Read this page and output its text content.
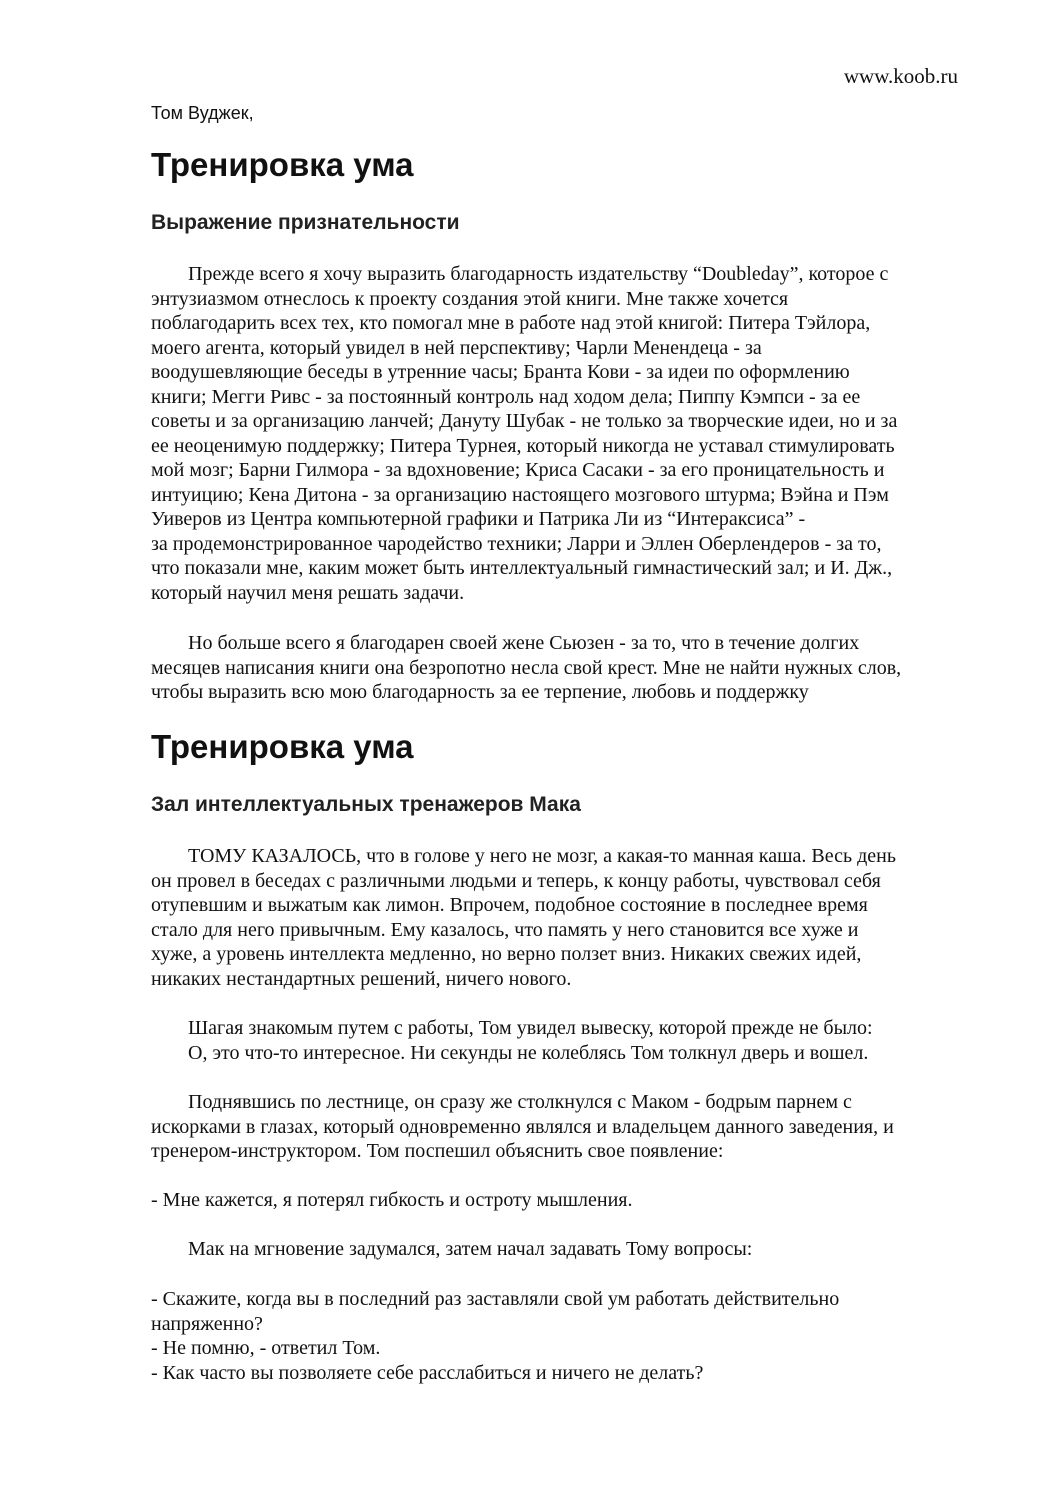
www.koob.ru
Том Вуджек,
Тренировка ума
Выражение признательности
Прежде всего я хочу выразить благодарность издательству “Doubleday”, которое с
энтузиазмом отнеслось к проекту создания этой книги. Мне также хочется
поблагодарить всех тех, кто помогал мне в работе над этой книгой: Питера Тэйлора,
моего агента, который увидел в ней перспективу; Чарли Менендеца - за
воодушевляющие беседы в утренние часы; Бранта Кови - за идеи по оформлению
книги; Мегги Ривс - за постоянный контроль над ходом дела; Пиппу Кэмпси - за ее
советы и за организацию ланчей; Дануту Шубак - не только за творческие идеи, но и за
ее неоценимую поддержку; Питера Турнея, который никогда не уставал стимулировать
мой мозг; Барни Гилмора - за вдохновение; Криса Сасаки - за его проницательность и
интуицию; Кена Дитона - за организацию настоящего мозгового штурма; Вэйна и Пэм
Уиверов из Центра компьютерной графики и Патрика Ли из “Интераксиса” -
за продемонстрированное чародейство техники; Ларри и Эллен Оберлендеров - за то,
что показали мне, каким может быть интеллектуальный гимнастический зал; и И. Дж.,
который научил меня решать задачи.
Но больше всего я благодарен своей жене Сьюзен - за то, что в течение долгих
месяцев написания книги она безропотно несла свой крест. Мне не найти нужных слов,
чтобы выразить всю мою благодарность за ее терпение, любовь и поддержку
Тренировка ума
Зал интеллектуальных тренажеров Мака
ТОМУ КАЗАЛОСЬ, что в голове у него не мозг, а какая-то манная каша. Весь день
он провел в беседах с различными людьми и теперь, к концу работы, чувствовал себя
отупевшим и выжатым как лимон. Впрочем, подобное состояние в последнее время
стало для него привычным. Ему казалось, что память у него становится все хуже и
хуже, а уровень интеллекта медленно, но верно ползет вниз. Никаких свежих идей,
никаких нестандартных решений, ничего нового.
Шагая знакомым путем с работы, Том увидел вывеску, которой прежде не было:
О, это что-то интересное. Ни секунды не колеблясь Том толкнул дверь и вошел.
Поднявшись по лестнице, он сразу же столкнулся с Маком - бодрым парнем с
искорками в глазах, который одновременно являлся и владельцем данного заведения, и
тренером-инструктором. Том поспешил объяснить свое появление:
- Мне кажется, я потерял гибкость и остроту мышления.
Мак на мгновение задумался, затем начал задавать Тому вопросы:
- Скажите, когда вы в последний раз заставляли свой ум работать действительно
напряженно?
- Не помню, - ответил Том.
- Как часто вы позволяете себе расслабиться и ничего не делать?
